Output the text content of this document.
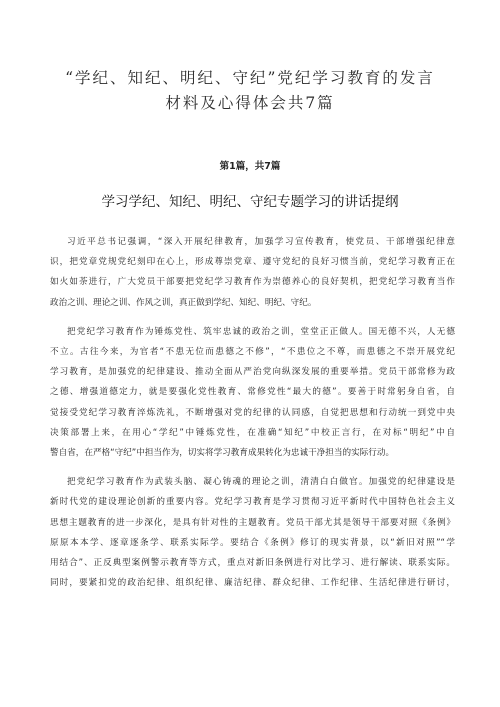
“学纪、知纪、明纪、守纪”党纪学习教育的发言
材料及心得体会共7篇
第1篇，共7篇
学习学纪、知纪、明纪、守纪专题学习的讲话提纲

习近平总书记强调，“深入开展纪律教育，加强学习宣传教育，使党员、干部增强纪律意
识，把党章党规党纪刻印在心上，形成尊崇党章、遵守党纪的良好习惯当前，党纪学习教育正在
如火如荼进行，广大党员干部要把党纪学习教育作为崇德养心的良好契机，把党纪学习教育当作
政治之训、理论之训、作风之训，真正做到学纪、知纪、明纪、守纪。

把党纪学习教育作为锤炼党性、筑牢忠诚的政治之训，堂堂正正做人。国无德不兴，人无德
不立。古往今来，为官者“不患无位而患德之不修”，“不患位之不尊，而患德之不崇开展党纪
学习教育，是加强党的纪律建设、推动全面从严治党向纵深发展的重要举措。党员干部常修为政
之德、增强道德定力，就是要强化党性教育、常修党性“最大的德”。要善于时常躬身自省，自
觉接受党纪学习教育淬炼洗礼，不断增强对党的纪律的认同感，自觉把思想和行动统一到党中央
决策部署上来，在用心“学纪”中锤炼党性，在准确“知纪”中校正言行，在对标“明纪”中自
警自省，在严格“守纪”中担当作为，切实将学习教育成果转化为忠诚干净担当的实际行动。

把党纪学习教育作为武装头脑、凝心铸魂的理论之训，清清白白做官。加强党的纪律建设是
新时代党的建设理论创新的重要内容。党纪学习教育是学习贯彻习近平新时代中国特色社会主义
思想主题教育的进一步深化，是具有针对性的主题教育。党员干部尤其是领导干部要对照《条例》
原原本本学、逐章逐条学、联系实际学。要结合《条例》修订的现实背景，以“新旧对照”“学
用结合”、正反典型案例警示教育等方式，重点对新旧条例进行对比学习、进行解读、联系实际。
同时，要紧扣党的政治纪律、组织纪律、廉洁纪律、群众纪律、工作纪律、生活纪律进行研讨，
